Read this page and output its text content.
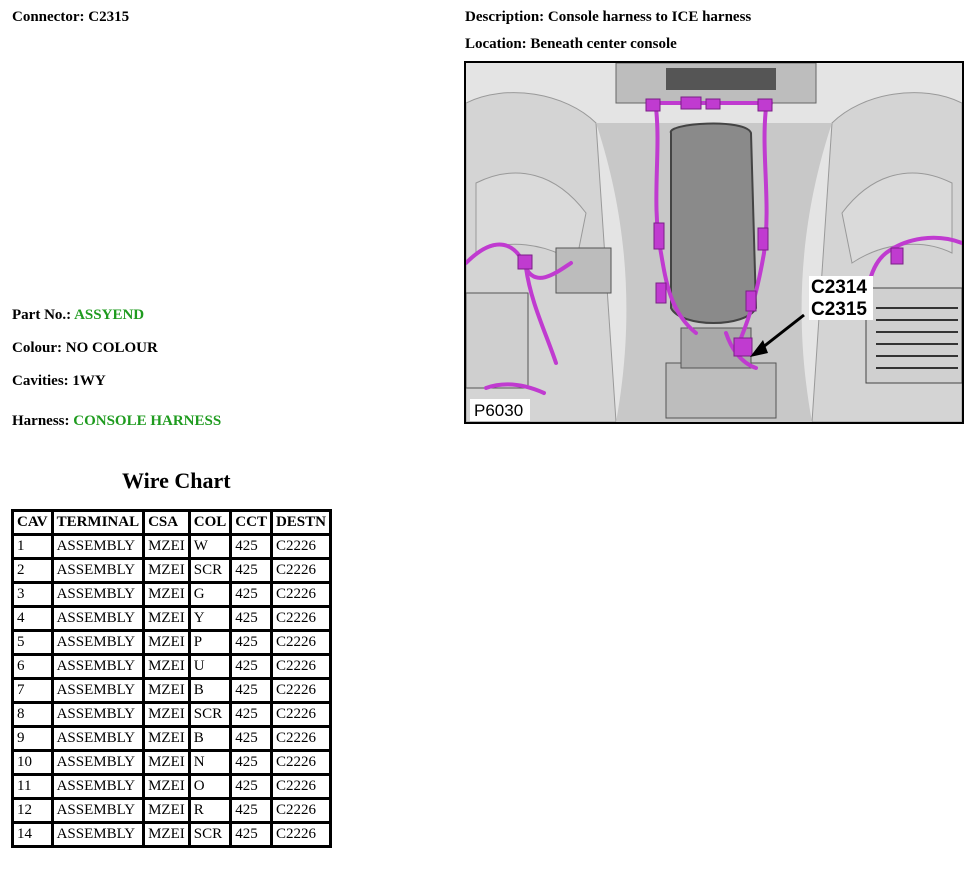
Connector: C2315	Description: Console harness to ICE harness
Location: Beneath center console
Part No.: ASSYEND
Colour: NO COLOUR
Cavities: 1WY
Harness: CONSOLE HARNESS
C2314
C2315
P6030
Wire Chart
CAV	TERMINAL	CSA	COL	CCT	DESTN
1	ASSEMBLY	MZEI	W	425	C2226
2	ASSEMBLY	MZEI	SCR	425	C2226
3	ASSEMBLY	MZEI	G	425	C2226
4	ASSEMBLY	MZEI	Y	425	C2226
5	ASSEMBLY	MZEI	P	425	C2226
6	ASSEMBLY	MZEI	U	425	C2226
7	ASSEMBLY	MZEI	B	425	C2226
8	ASSEMBLY	MZEI	SCR	425	C2226
9	ASSEMBLY	MZEI	B	425	C2226
10	ASSEMBLY	MZEI	N	425	C2226
11	ASSEMBLY	MZEI	O	425	C2226
12	ASSEMBLY	MZEI	R	425	C2226
14	ASSEMBLY	MZEI	SCR	425	C2226
